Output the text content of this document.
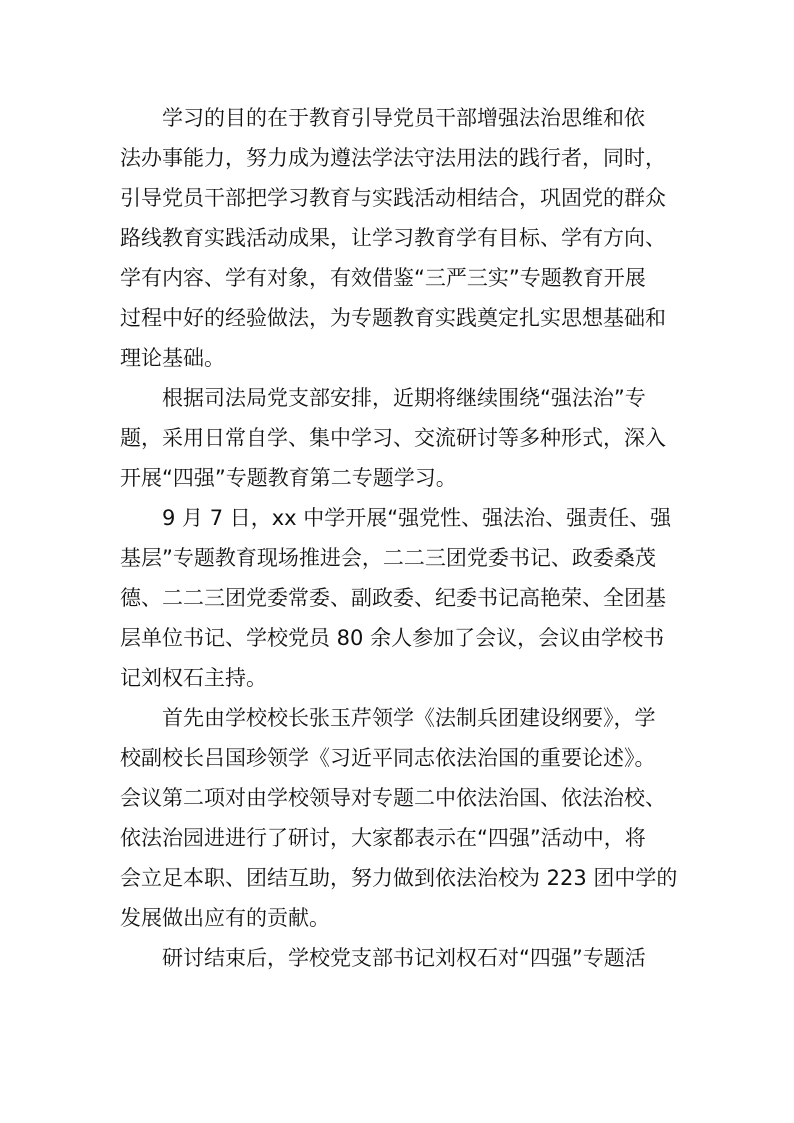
　　学习的目的在于教育引导党员干部增强法治思维和依
法办事能力，努力成为遵法学法守法用法的践行者，同时，
引导党员干部把学习教育与实践活动相结合，巩固党的群众
路线教育实践活动成果，让学习教育学有目标、学有方向、
学有内容、学有对象，有效借鉴“三严三实”专题教育开展
过程中好的经验做法，为专题教育实践奠定扎实思想基础和
理论基础。
　　根据司法局党支部安排，近期将继续围绕“强法治”专
题，采用日常自学、集中学习、交流研讨等多种形式，深入
开展“四强”专题教育第二专题学习。
　　9 月 7 日，xx 中学开展“强党性、强法治、强责任、强
基层”专题教育现场推进会，二二三团党委书记、政委桑茂
德、二二三团党委常委、副政委、纪委书记高艳荣、全团基
层单位书记、学校党员 80 余人参加了会议，会议由学校书
记刘权石主持。
　　首先由学校校长张玉芹领学《法制兵团建设纲要》，学
校副校长吕国珍领学《习近平同志依法治国的重要论述》。
会议第二项对由学校领导对专题二中依法治国、依法治校、
依法治园进进行了研讨，大家都表示在“四强”活动中，将
会立足本职、团结互助，努力做到依法治校为 223 团中学的
发展做出应有的贡献。
　　研讨结束后，学校党支部书记刘权石对“四强”专题活
